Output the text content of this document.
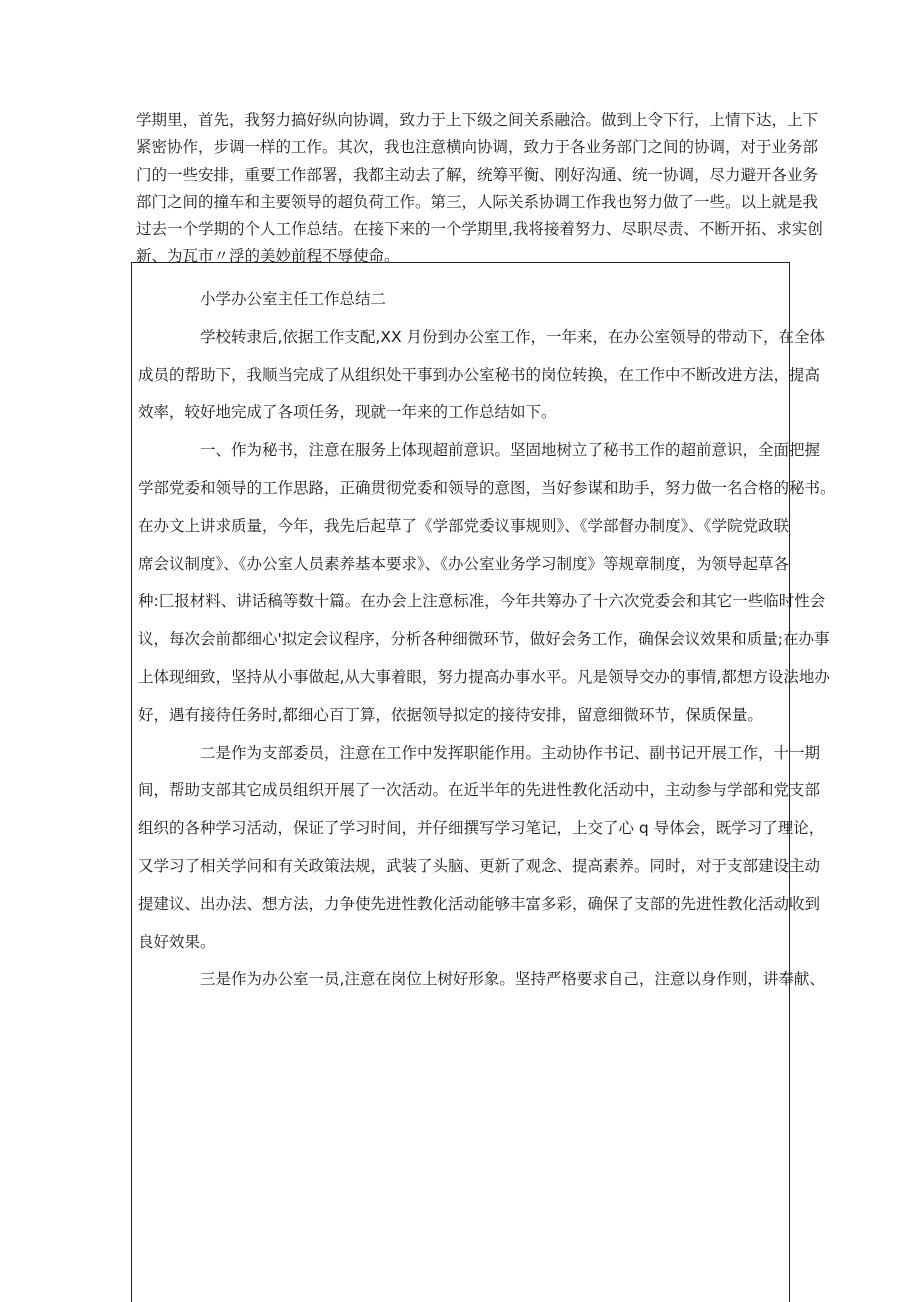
学期里，首先，我努力搞好纵向协调，致力于上下级之间关系融洽。做到上令下行，上情下达，上下
紧密协作，步调一样的工作。其次，我也注意横向协调，致力于各业务部门之间的协调，对于业务部
门的一些安排，重要工作部署，我都主动去了解，统筹平衡、刚好沟通、统一协调，尽力避开各业务
部门之间的撞车和主要领导的超负荷工作。第三，人际关系协调工作我也努力做了一些。以上就是我
过去一个学期的个人工作总结。在接下来的一个学期里,我将接着努力、尽职尽责、不断开拓、求实创
新、为瓦市〃浮的美妙前程不辱使命。
小学办公室主任工作总结二
学校转隶后,依据工作支配,XX 月份到办公室工作，一年来，在办公室领导的带动下，在全体
成员的帮助下，我顺当完成了从组织处干事到办公室秘书的岗位转换，在工作中不断改进方法，提高
效率，较好地完成了各项任务，现就一年来的工作总结如下。
一、作为秘书，注意在服务上体现超前意识。坚固地树立了秘书工作的超前意识，全面把握
学部党委和领导的工作思路，正确贯彻党委和领导的意图，当好参谋和助手，努力做一名合格的秘书。
在办文上讲求质量，今年，我先后起草了《学部党委议事规则》、《学部督办制度》、《学院党政联
席会议制度》、《办公室人员素养基本要求》、《办公室业务学习制度》等规章制度，为领导起草各
种:匚报材料、讲话稿等数十篇。在办会上注意标准，今年共筹办了十六次党委会和其它一些临时性会
议，每次会前都细心'拟定会议程序，分析各种细微环节，做好会务工作，确保会议效果和质量;在办事
上体现细致，坚持从小事做起,从大事着眼，努力提高办事水平。凡是领导交办的事情,都想方设法地办
好，遇有接待任务时,都细心百丁算，依据领导拟定的接待安排，留意细微环节，保质保量。
二是作为支部委员，注意在工作中发挥职能作用。主动协作书记、副书记开展工作，十一期
间，帮助支部其它成员组织开展了一次活动。在近半年的先进性教化活动中，主动参与学部和党支部
组织的各种学习活动，保证了学习时间，并仔细撰写学习笔记，上交了心 q 导体会，既学习了理论，
又学习了相关学问和有关政策法规，武装了头脑、更新了观念、提高素养。同时，对于支部建设主动
提建议、出办法、想方法，力争使先进性教化活动能够丰富多彩，确保了支部的先进性教化活动收到
良好效果。
三是作为办公室一员,注意在岗位上树好形象。坚持严格要求自己，注意以身作则，讲奉献、
